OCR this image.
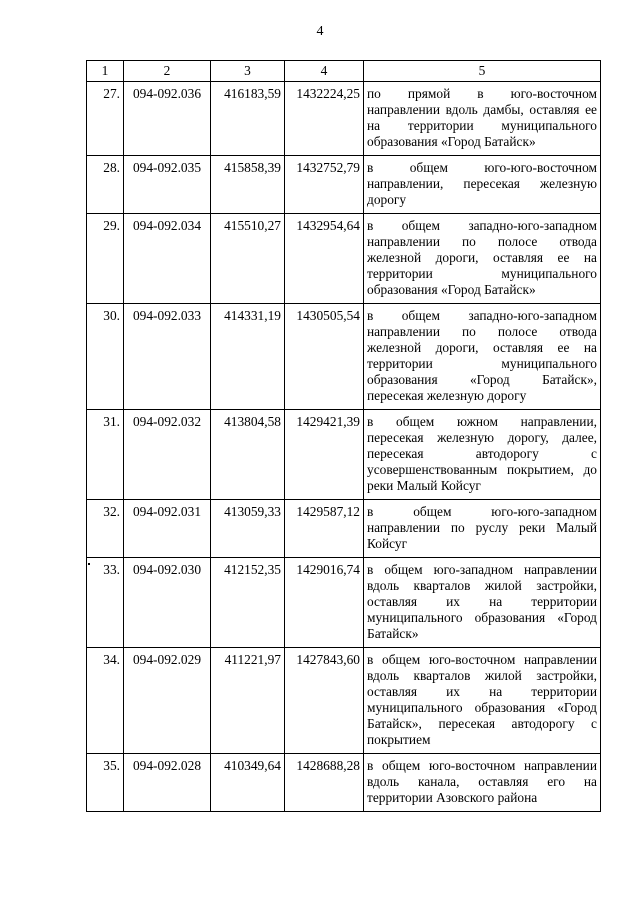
4
1	2	3	4	5
27.	094-092.036	416183,59	1432224,25	по прямой в юго-восточном направлении вдоль дамбы, оставляя ее на территории муниципального образования «Город Батайск»
28.	094-092.035	415858,39	1432752,79	в общем юго-юго-восточном направлении, пересекая железную дорогу
29.	094-092.034	415510,27	1432954,64	в общем западно-юго-западном направлении по полосе отвода железной дороги, оставляя ее на территории муниципального образования «Город Батайск»
30.	094-092.033	414331,19	1430505,54	в общем западно-юго-западном направлении по полосе отвода железной дороги, оставляя ее на территории муниципального образования «Город Батайск», пересекая железную дорогу
31.	094-092.032	413804,58	1429421,39	в общем южном направлении, пересекая железную дорогу, далее, пересекая автодорогу с усовершенствованным покрытием, до реки Малый Койсуг
32.	094-092.031	413059,33	1429587,12	в общем юго-юго-западном направлении по руслу реки Малый Койсуг
33.	094-092.030	412152,35	1429016,74	в общем юго-западном направлении вдоль кварталов жилой застройки, оставляя их на территории муниципального образования «Город Батайск»
34.	094-092.029	411221,97	1427843,60	в общем юго-восточном направлении вдоль кварталов жилой застройки, оставляя их на территории муниципального образования «Город Батайск», пересекая автодорогу с покрытием
35.	094-092.028	410349,64	1428688,28	в общем юго-восточном направлении вдоль канала, оставляя его на территории Азовского района
